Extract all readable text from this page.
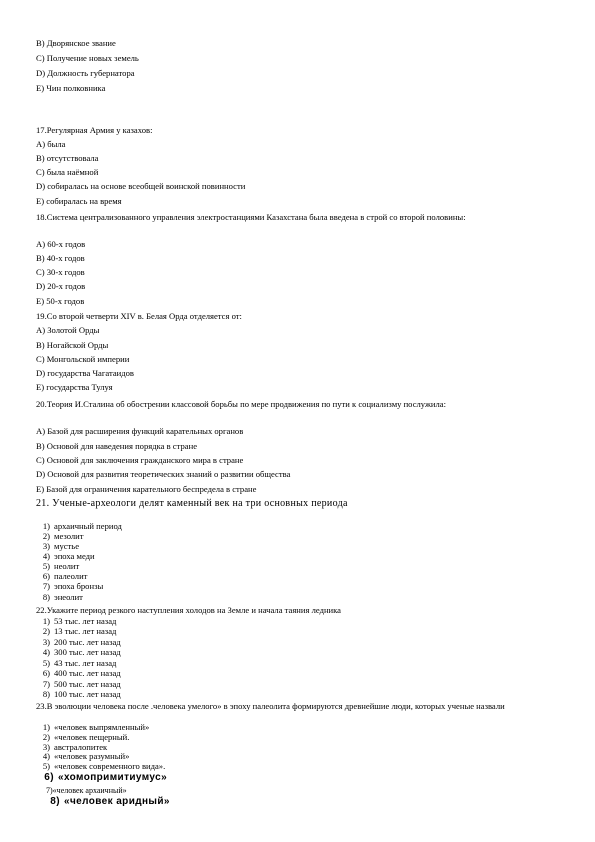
B) Дворянское звание
C) Получение новых земель
D) Должность губернатора
E) Чин полковника
17.Регулярная Армия у казахов:
A) была
B) отсутствовала
C) была наёмной
D) собиралась на основе всеобщей воинской повинности
E) собиралась на время
18.Система централизованного управления электростанциями Казахстана была введена в строй со второй половины:
A) 60-х годов
B) 40-х годов
C) 30-х годов
D) 20-х годов
E) 50-х годов
19.Со второй четверти XIV в. Белая Орда отделяется от:
A) Золотой Орды
B) Ногайской Орды
C) Монгольской империи
D) государства Чагатаидов
E) государства Тулуя
20.Теория И.Сталина об обострении классовой борьбы по мере продвижения по пути к социализму послужила:
A) Базой для расширения функций карательных органов
B) Основой для наведения порядка в стране
C) Основой для заключения гражданского мира в стране
D) Основой для развития теоретических знаний о развитии общества
E) Базой для ограничения карательного беспредела в стране
21. Ученые-археологи делят каменный век на три основных периода
1) архаичный период
2) мезолит
3) мустье
4) эпоха меди
5) неолит
6) палеолит
7) эпоха бронзы
8) энеолит
22.Укажите период резкого наступления холодов на Земле и начала таяния ледника
1) 53 тыс. лет назад
2) 13 тыс. лет назад
3) 200 тыс. лет назад
4) 300 тыс. лет назад
5) 43 тыс. лет назад
6) 400 тыс. лет назад
7) 500 тыс. лет назад
8) 100 тыс. лет назад
23.В эволюции человека после .человека умелого» в эпоху палеолита формируются древнейшие люди, которых ученые назвали
1) «человек выпрямленный»
2) «человек пещерный.
3) австралопитек
4) «человек разумный»
5) «человек современного вида».
6) «хомопримитиумус»
7)«человек архаичный»
8) «человек аридный»
